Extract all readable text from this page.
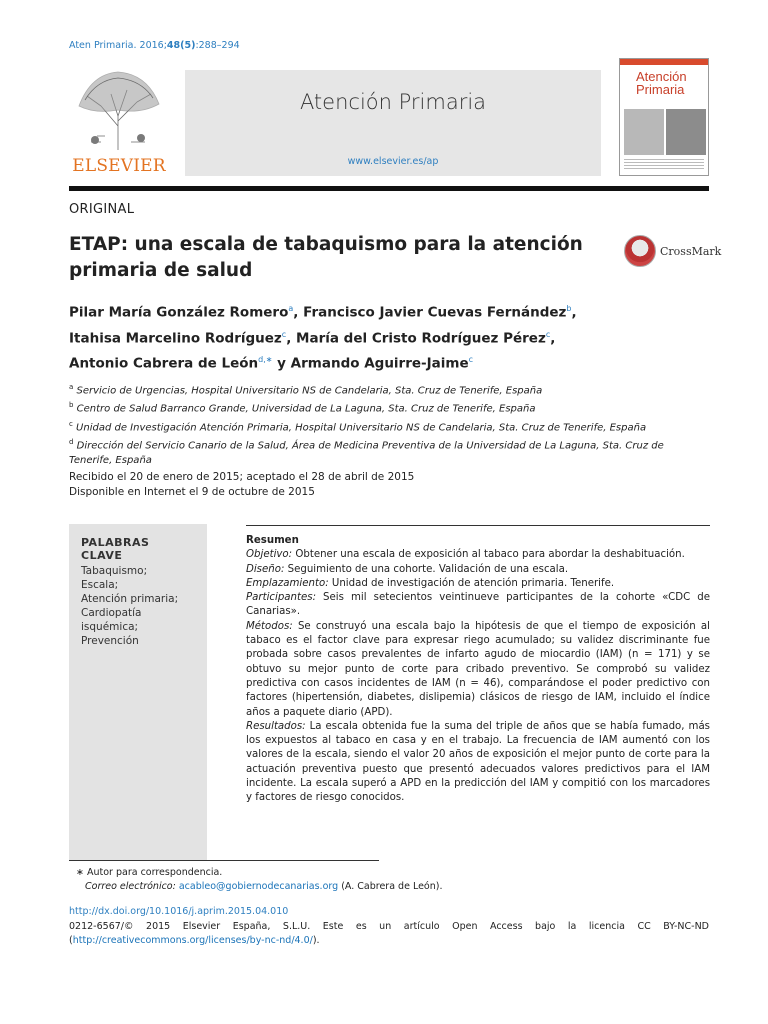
Aten Primaria. 2016;48(5):288–294
ELSEVIER
Atención Primaria
www.elsevier.es/ap
Atención
Primaria
ORIGINAL
ETAP: una escala de tabaquismo para la atención primaria de salud
CrossMark
Pilar María González Romero$^a$, Francisco Javier Cuevas Fernández$^b$,
Itahisa Marcelino Rodríguez$^c$, María del Cristo Rodríguez Pérez$^c$,
Antonio Cabrera de León$^{d,∗}$ y Armando Aguirre-Jaime$^c$
$^a$ Servicio de Urgencias, Hospital Universitario NS de Candelaria, Sta. Cruz de Tenerife, España
$^b$ Centro de Salud Barranco Grande, Universidad de La Laguna, Sta. Cruz de Tenerife, España
$^c$ Unidad de Investigación Atención Primaria, Hospital Universitario NS de Candelaria, Sta. Cruz de Tenerife, España
$^d$ Dirección del Servicio Canario de la Salud, Área de Medicina Preventiva de la Universidad de La Laguna, Sta. Cruz de Tenerife, España
Recibido el 20 de enero de 2015; aceptado el 28 de abril de 2015
Disponible en Internet el 9 de octubre de 2015
PALABRAS CLAVE
Tabaquismo;
Escala;
Atención primaria;
Cardiopatía
isquémica;
Prevención
Resumen
Objetivo: Obtener una escala de exposición al tabaco para abordar la deshabituación.
Diseño: Seguimiento de una cohorte. Validación de una escala.
Emplazamiento: Unidad de investigación de atención primaria. Tenerife.
Participantes: Seis mil setecientos veintinueve participantes de la cohorte «CDC de Canarias».
Métodos: Se construyó una escala bajo la hipótesis de que el tiempo de exposición al tabaco es el factor clave para expresar riego acumulado; su validez discriminante fue probada sobre casos prevalentes de infarto agudo de miocardio (IAM) (n = 171) y se obtuvo su mejor punto de corte para cribado preventivo. Se comprobó su validez predictiva con casos incidentes de IAM (n = 46), comparándose el poder predictivo con factores (hipertensión, diabetes, dislipemia) clásicos de riesgo de IAM, incluido el índice años a paquete diario (APD).
Resultados: La escala obtenida fue la suma del triple de años que se había fumado, más los expuestos al tabaco en casa y en el trabajo. La frecuencia de IAM aumentó con los valores de la escala, siendo el valor 20 años de exposición el mejor punto de corte para la actuación preventiva puesto que presentó adecuados valores predictivos para el IAM incidente. La escala superó a APD en la predicción del IAM y compitió con los marcadores y factores de riesgo conocidos.
∗ Autor para correspondencia.
Correo electrónico: acableo@gobiernodecanarias.org (A. Cabrera de León).
http://dx.doi.org/10.1016/j.aprim.2015.04.010
0212-6567/© 2015 Elsevier España, S.L.U. Este es un artículo Open Access bajo la licencia CC BY-NC-ND (http://creativecommons.org/licenses/by-nc-nd/4.0/).
